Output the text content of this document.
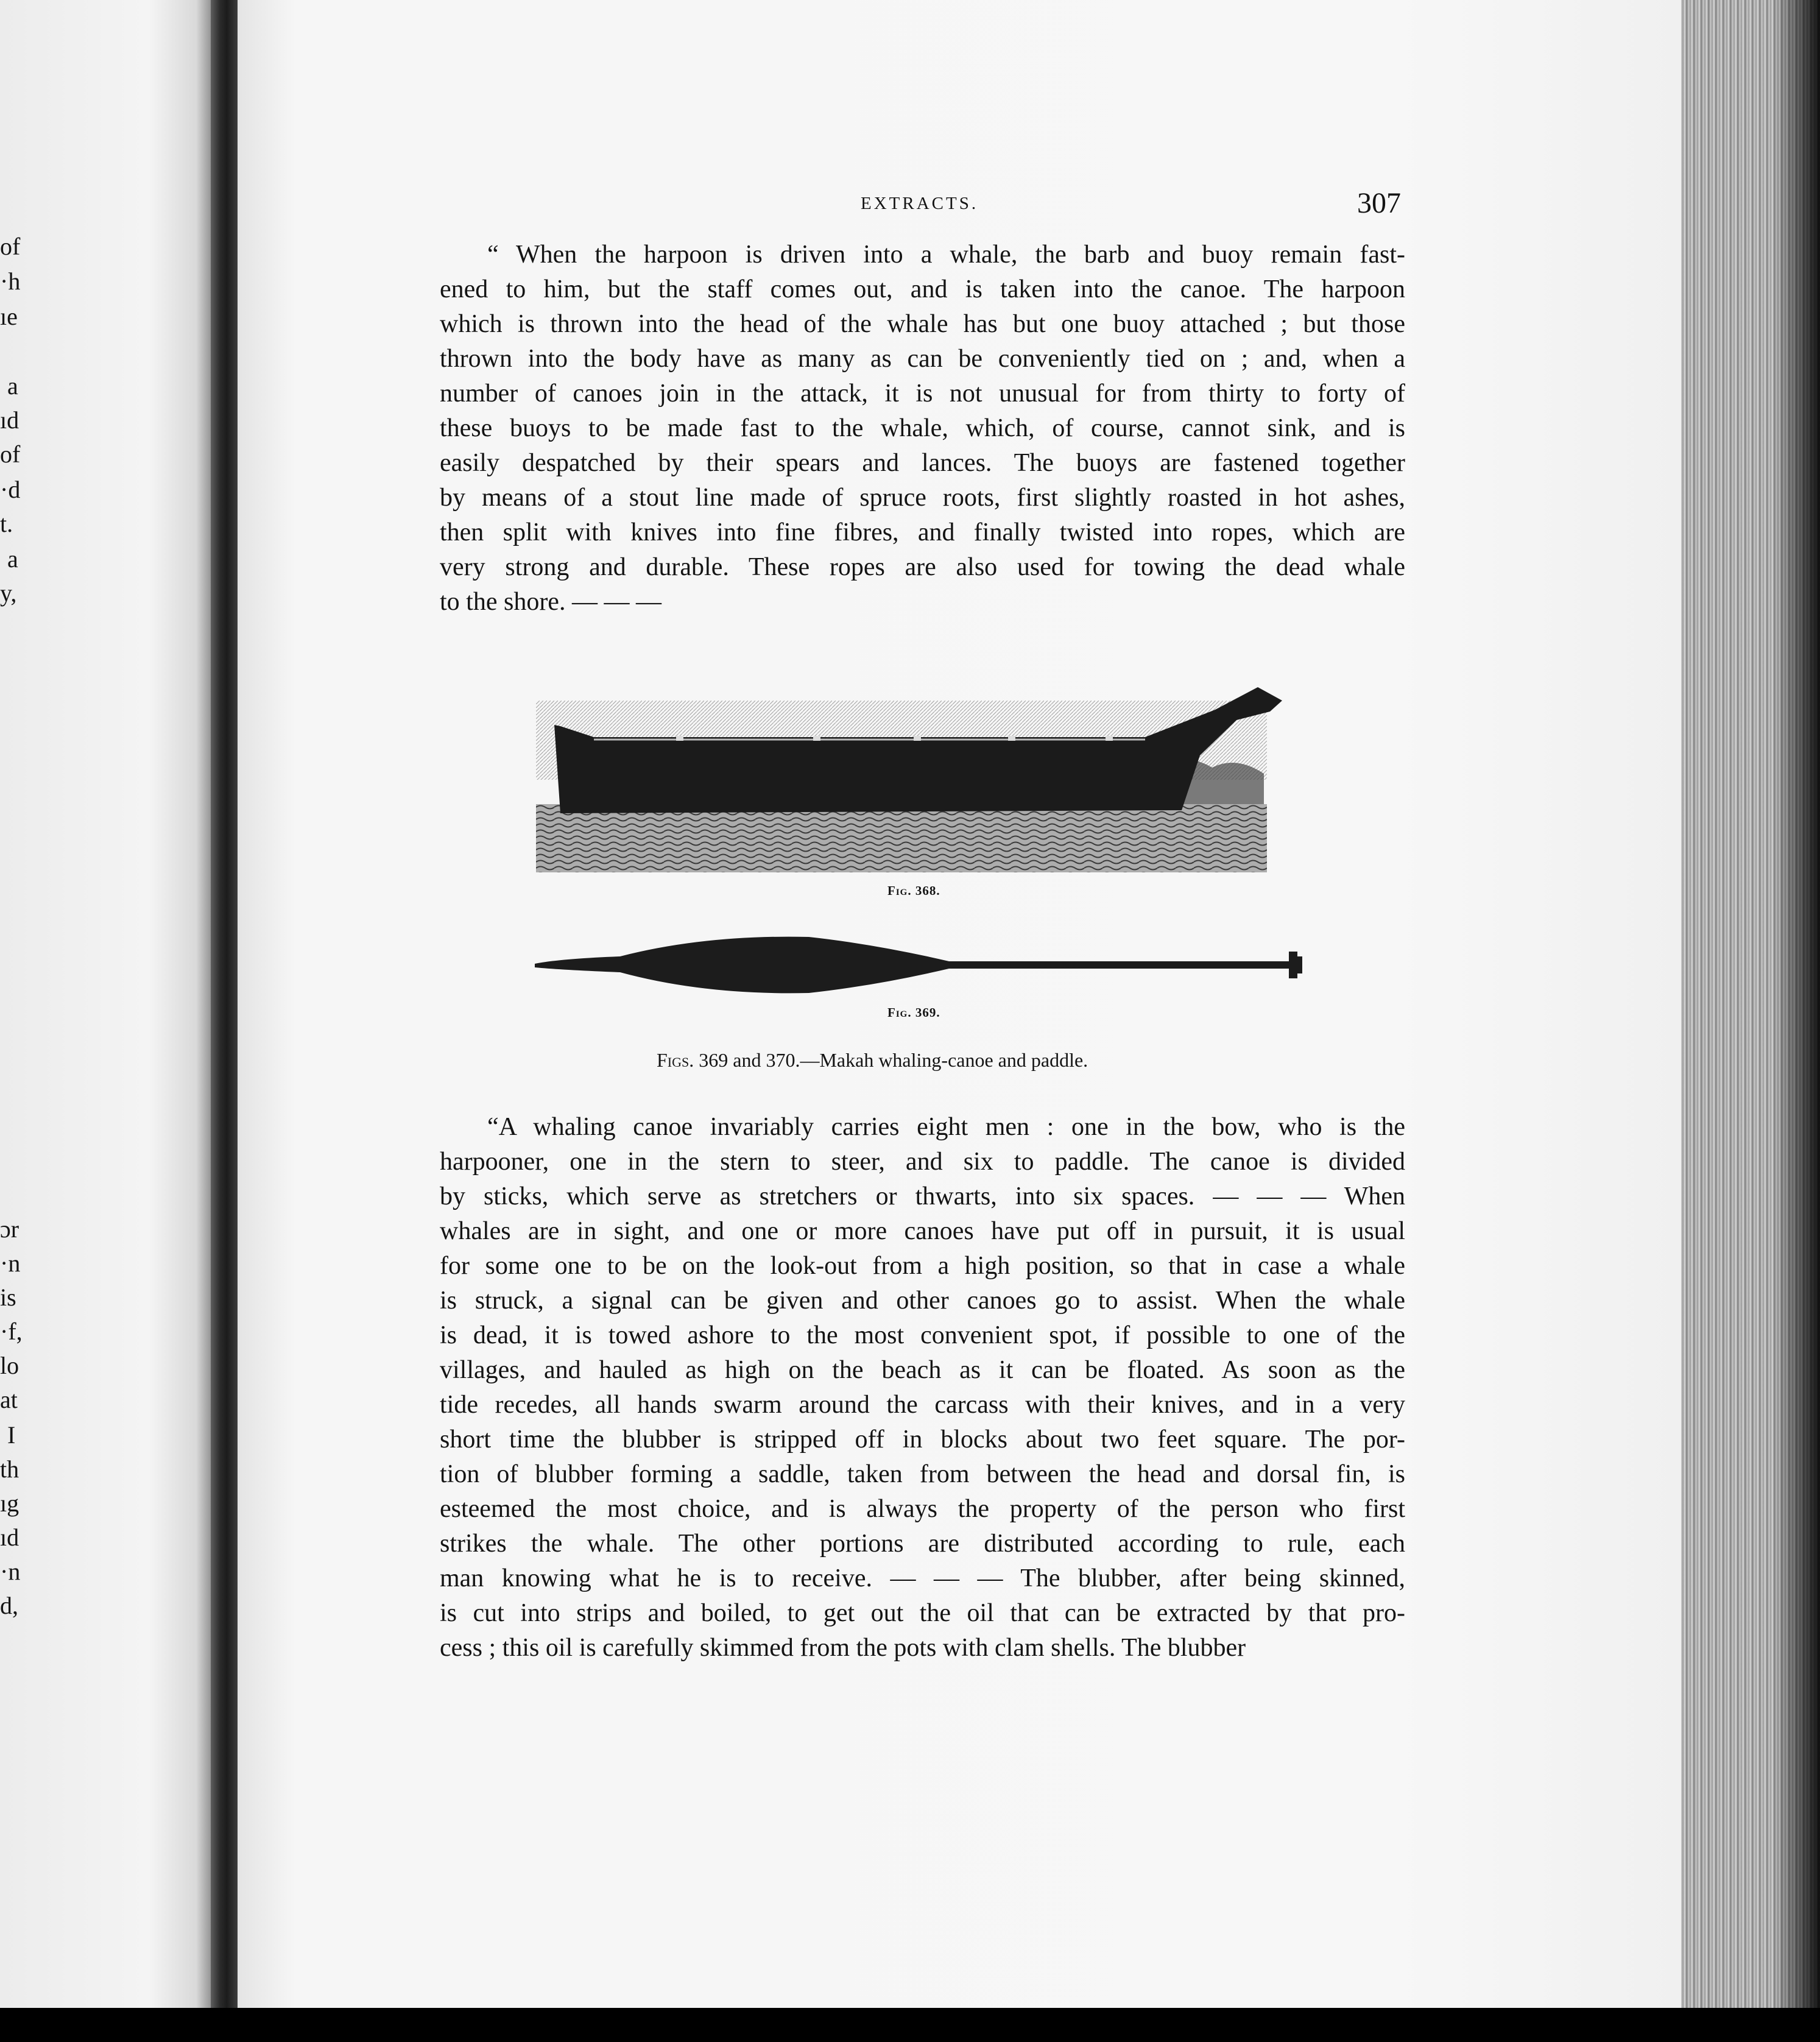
of
·h
ıe
a
ıd
of
·d
t.
a
y,
ɔr
·n
is
·f,
lo
at
I
th
ıg
ıd
·n
d,
EXTRACTS.	307
“ When the harpoon is driven into a whale, the barb and buoy remain fast-
ened to him, but the staff comes out, and is taken into the canoe. The harpoon
which is thrown into the head of the whale has but one buoy attached ; but those
thrown into the body have as many as can be conveniently tied on ; and, when a
number of canoes join in the attack, it is not unusual for from thirty to forty of
these buoys to be made fast to the whale, which, of course, cannot sink, and is
easily despatched by their spears and lances. The buoys are fastened together
by means of a stout line made of spruce roots, first slightly roasted in hot ashes,
then split with knives into fine fibres, and finally twisted into ropes, which are
very strong and durable. These ropes are also used for towing the dead whale
to the shore. — — —
Fig. 368.
Fig. 369.
Figs. 369 and 370.—Makah whaling-canoe and paddle.
“A whaling canoe invariably carries eight men : one in the bow, who is the
harpooner, one in the stern to steer, and six to paddle. The canoe is divided
by sticks, which serve as stretchers or thwarts, into six spaces. — — — When
whales are in sight, and one or more canoes have put off in pursuit, it is usual
for some one to be on the look-out from a high position, so that in case a whale
is struck, a signal can be given and other canoes go to assist. When the whale
is dead, it is towed ashore to the most convenient spot, if possible to one of the
villages, and hauled as high on the beach as it can be floated. As soon as the
tide recedes, all hands swarm around the carcass with their knives, and in a very
short time the blubber is stripped off in blocks about two feet square. The por-
tion of blubber forming a saddle, taken from between the head and dorsal fin, is
esteemed the most choice, and is always the property of the person who first
strikes the whale. The other portions are distributed according to rule, each
man knowing what he is to receive. — — — The blubber, after being skinned,
is cut into strips and boiled, to get out the oil that can be extracted by that pro-
cess ; this oil is carefully skimmed from the pots with clam shells. The blubber
